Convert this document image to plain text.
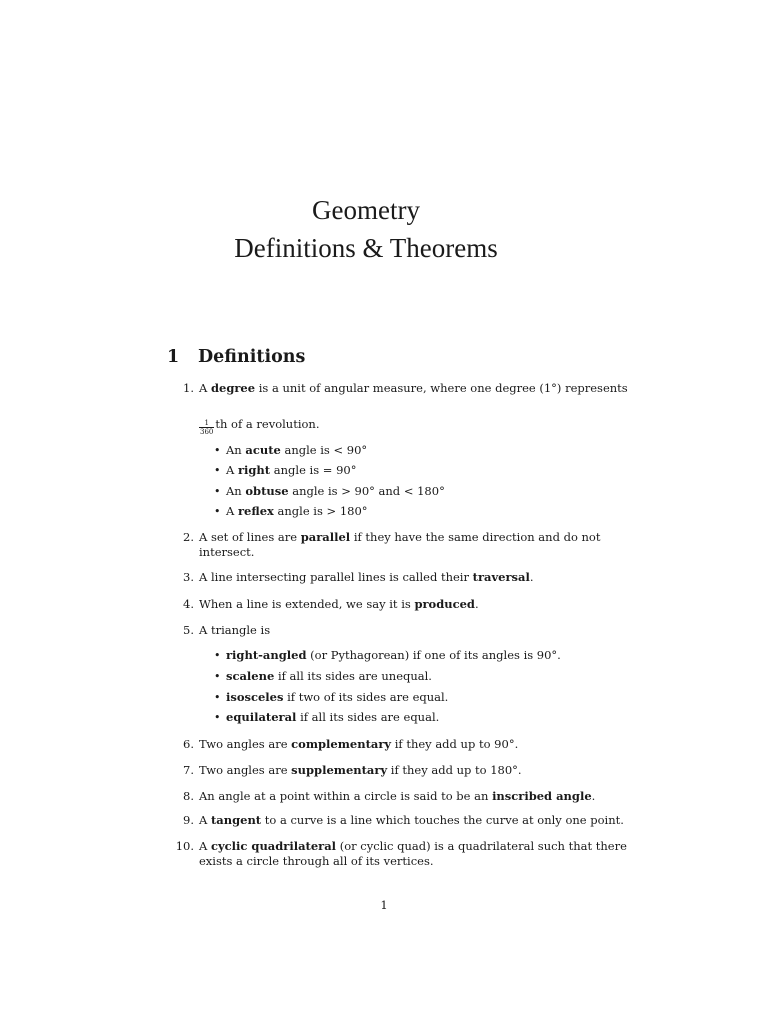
Geometry
Definitions & Theorems
1 Definitions
1. A degree is a unit of angular measure, where one degree (1°) represents
$\frac{1}{360}$ th of a revolution.
• An acute angle is < 90°
• A right angle is = 90°
• An obtuse angle is > 90° and < 180°
• A reflex angle is > 180°
2. A set of lines are parallel if they have the same direction and do not
intersect.
3. A line intersecting parallel lines is called their traversal.
4. When a line is extended, we say it is produced.
5. A triangle is
• right-angled (or Pythagorean) if one of its angles is 90°.
• scalene if all its sides are unequal.
• isosceles if two of its sides are equal.
• equilateral if all its sides are equal.
6. Two angles are complementary if they add up to 90°.
7. Two angles are supplementary if they add up to 180°.
8. An angle at a point within a circle is said to be an inscribed angle.
9. A tangent to a curve is a line which touches the curve at only one point.
10. A cyclic quadrilateral (or cyclic quad) is a quadrilateral such that there
exists a circle through all of its vertices.
1
